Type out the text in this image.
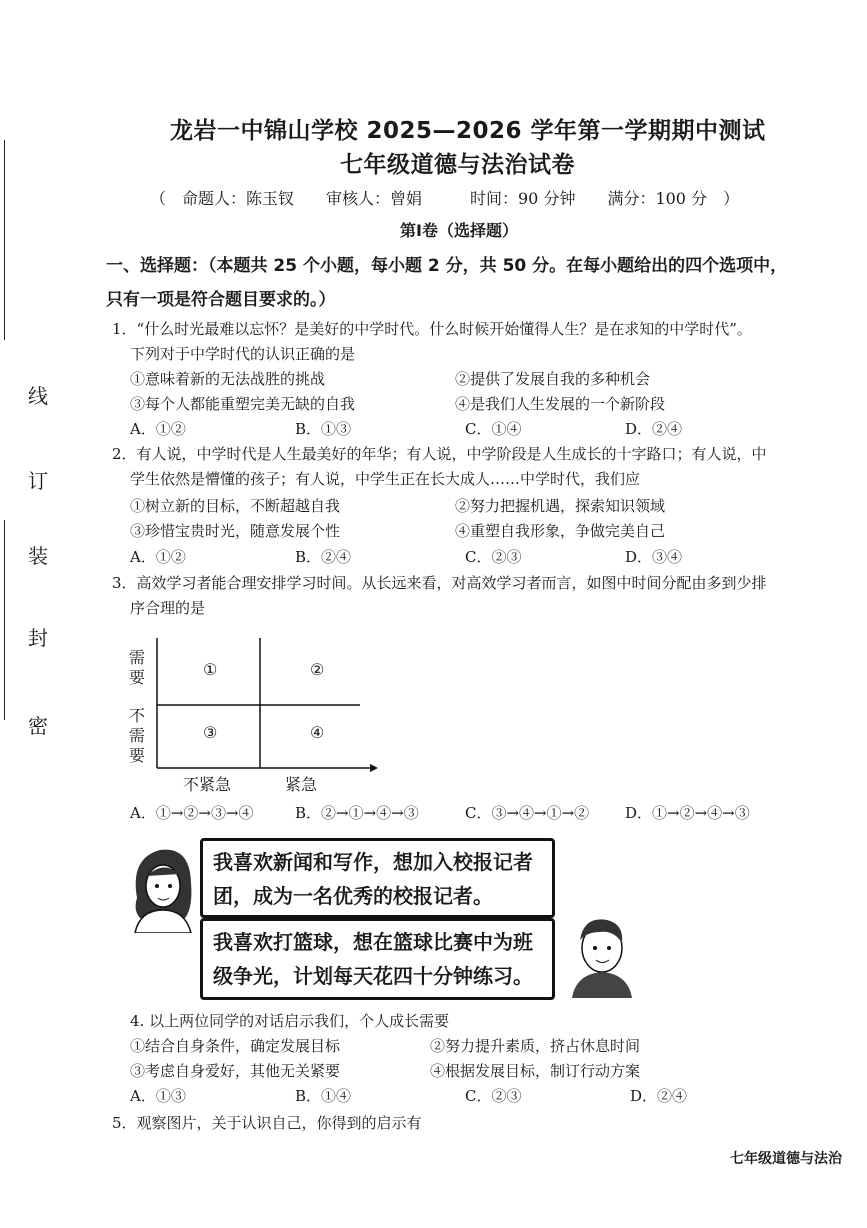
线
订
装
封
密
龙岩一中锦山学校 2025—2026 学年第一学期期中测试
七年级道德与法治试卷
（　命题人：陈玉钗　　审核人：曾娟　　　时间：90 分钟　　满分：100 分　）
第Ⅰ卷（选择题）
一、选择题：（本题共 25 个小题，每小题 2 分，共 50 分。在每小题给出的四个选项中，
只有一项是符合题目要求的。）
1．“什么时光最难以忘怀？是美好的中学时代。什么时候开始懂得人生？是在求知的中学时代”。
下列对于中学时代的认识正确的是
①意味着新的无法战胜的挑战	②提供了发展自我的多种机会
③每个人都能重塑完美无缺的自我	④是我们人生发展的一个新阶段
A．①②	B．①③	C．①④	D．②④
2．有人说，中学时代是人生最美好的年华；有人说，中学阶段是人生成长的十字路口；有人说，中
学生依然是懵懂的孩子；有人说，中学生正在长大成人……中学时代，我们应
①树立新的目标，不断超越自我	②努力把握机遇，探索知识领域
③珍惜宝贵时光，随意发展个性	④重塑自我形象，争做完美自己
A．①②	B．②④	C．②③	D．③④
3．高效学习者能合理安排学习时间。从长远来看，对高效学习者而言，如图中时间分配由多到少排
序合理的是
需要
不需要
不紧急	紧急
①	②
③	④
A．①→②→③→④	B．②→①→④→③	C．③→④→①→② D．①→②→④→③
我喜欢新闻和写作，想加入校报记者团，成为一名优秀的校报记者。
我喜欢打篮球，想在篮球比赛中为班级争光，计划每天花四十分钟练习。
4. 以上两位同学的对话启示我们，个人成长需要
①结合自身条件，确定发展目标	②努力提升素质，挤占休息时间
③考虑自身爱好，其他无关紧要	④根据发展目标，制订行动方案
A．①③	B．①④	C．②③	D．②④
5．观察图片，关于认识自己，你得到的启示有
七年级道德与法治
